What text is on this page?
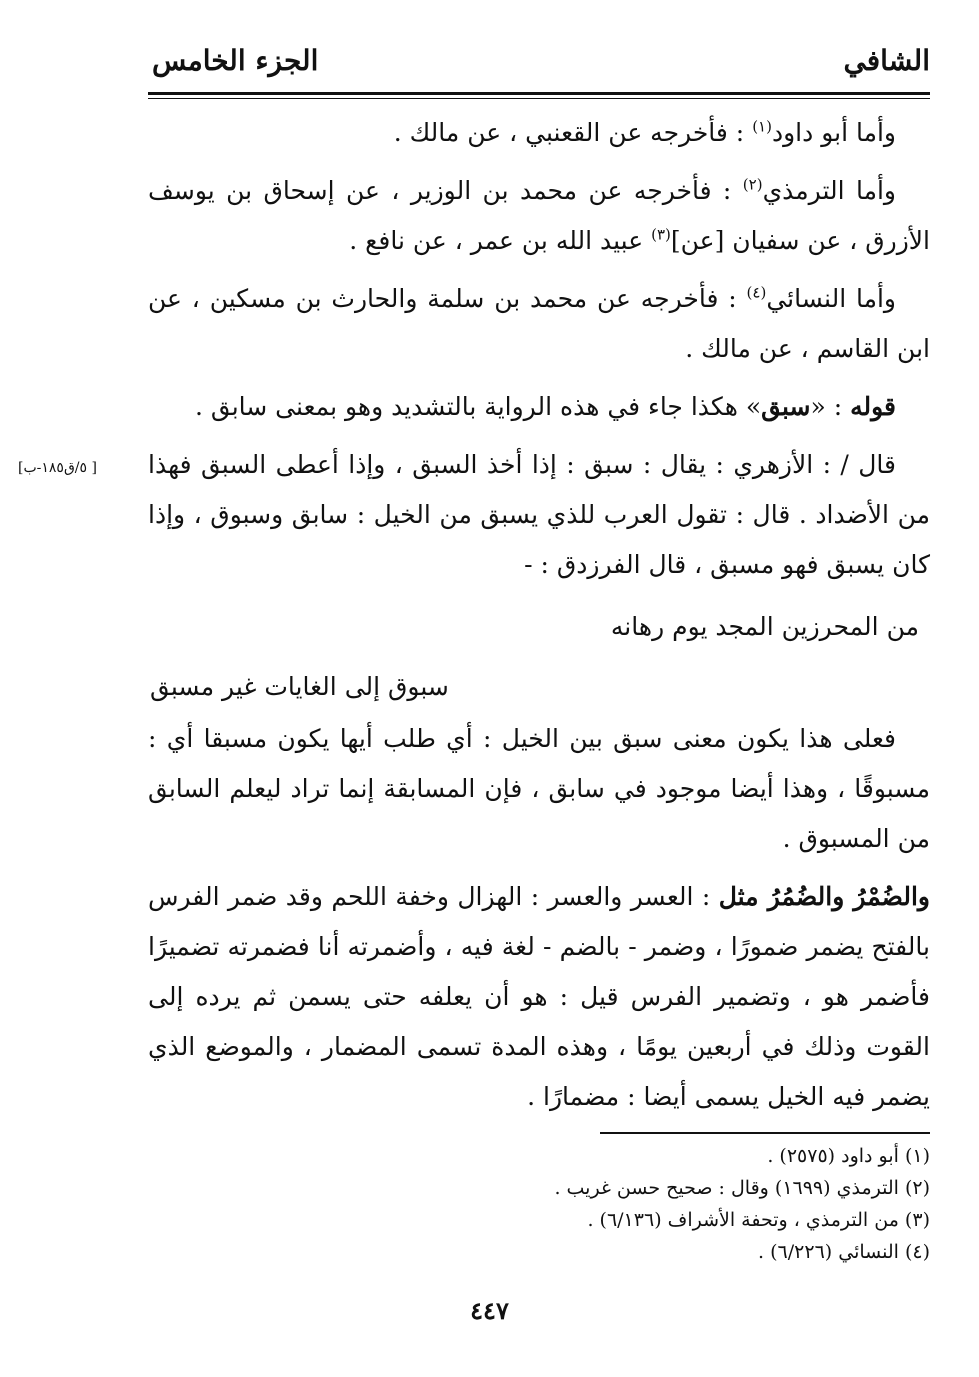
الشافي
الجزء الخامس
[ ٥/ق١٨٥-ب]

وأما أبو داود$^{(١)}$ : فأخرجه عن القعنبي ، عن مالك .

وأما الترمذي$^{(٢)}$ : فأخرجه عن محمد بن الوزير ، عن إسحاق بن يوسف الأزرق ، عن سفيان [عن]$^{(٣)}$ عبيد الله بن عمر ، عن نافع .

وأما النسائي$^{(٤)}$ : فأخرجه عن محمد بن سلمة والحارث بن مسكين ، عن ابن القاسم ، عن مالك .

قوله : «سبق» هكذا جاء في هذه الرواية بالتشديد وهو بمعنى سابق .

قال / : الأزهري : يقال : سبق : إذا أخذ السبق ، وإذا أعطى السبق فهذا من الأضداد . قال : تقول العرب للذي يسبق من الخيل : سابق وسبوق ، وإذا كان يسبق فهو مسبق ، قال الفرزدق : -

فعلى هذا يكون معنى سبق بين الخيل : أي طلب أيها يكون مسبقا أي : مسبوقًا ، وهذا أيضا موجود في سابق ، فإن المسابقة إنما تراد ليعلم السابق من المسبوق .

والضُمْرُ والضُمُرُ مثل : العسر والعسر : الهزال وخفة اللحم وقد ضمر الفرس بالفتح يضمر ضمورًا ، وضمر - بالضم - لغة فيه ، وأضمرته أنا فضمرته تضميرًا فأضمر هو ، وتضمير الفرس قيل : هو أن يعلفه حتى يسمن ثم يرده إلى القوت وذلك في أربعين يومًا ، وهذه المدة تسمى المضمار ، والموضع الذي يضمر فيه الخيل يسمى أيضا : مضمارًا .

من المحرزين المجد يوم رهانه
سبوق إلى الغايات غير مسبق
(١) أبو داود (٢٥٧٥) .
(٢) الترمذي (١٦٩٩) وقال : صحيح حسن غريب .
(٣) من الترمذي ، وتحفة الأشراف (٦/١٣٦) .
(٤) النسائي (٦/٢٢٦) .
٤٤٧
